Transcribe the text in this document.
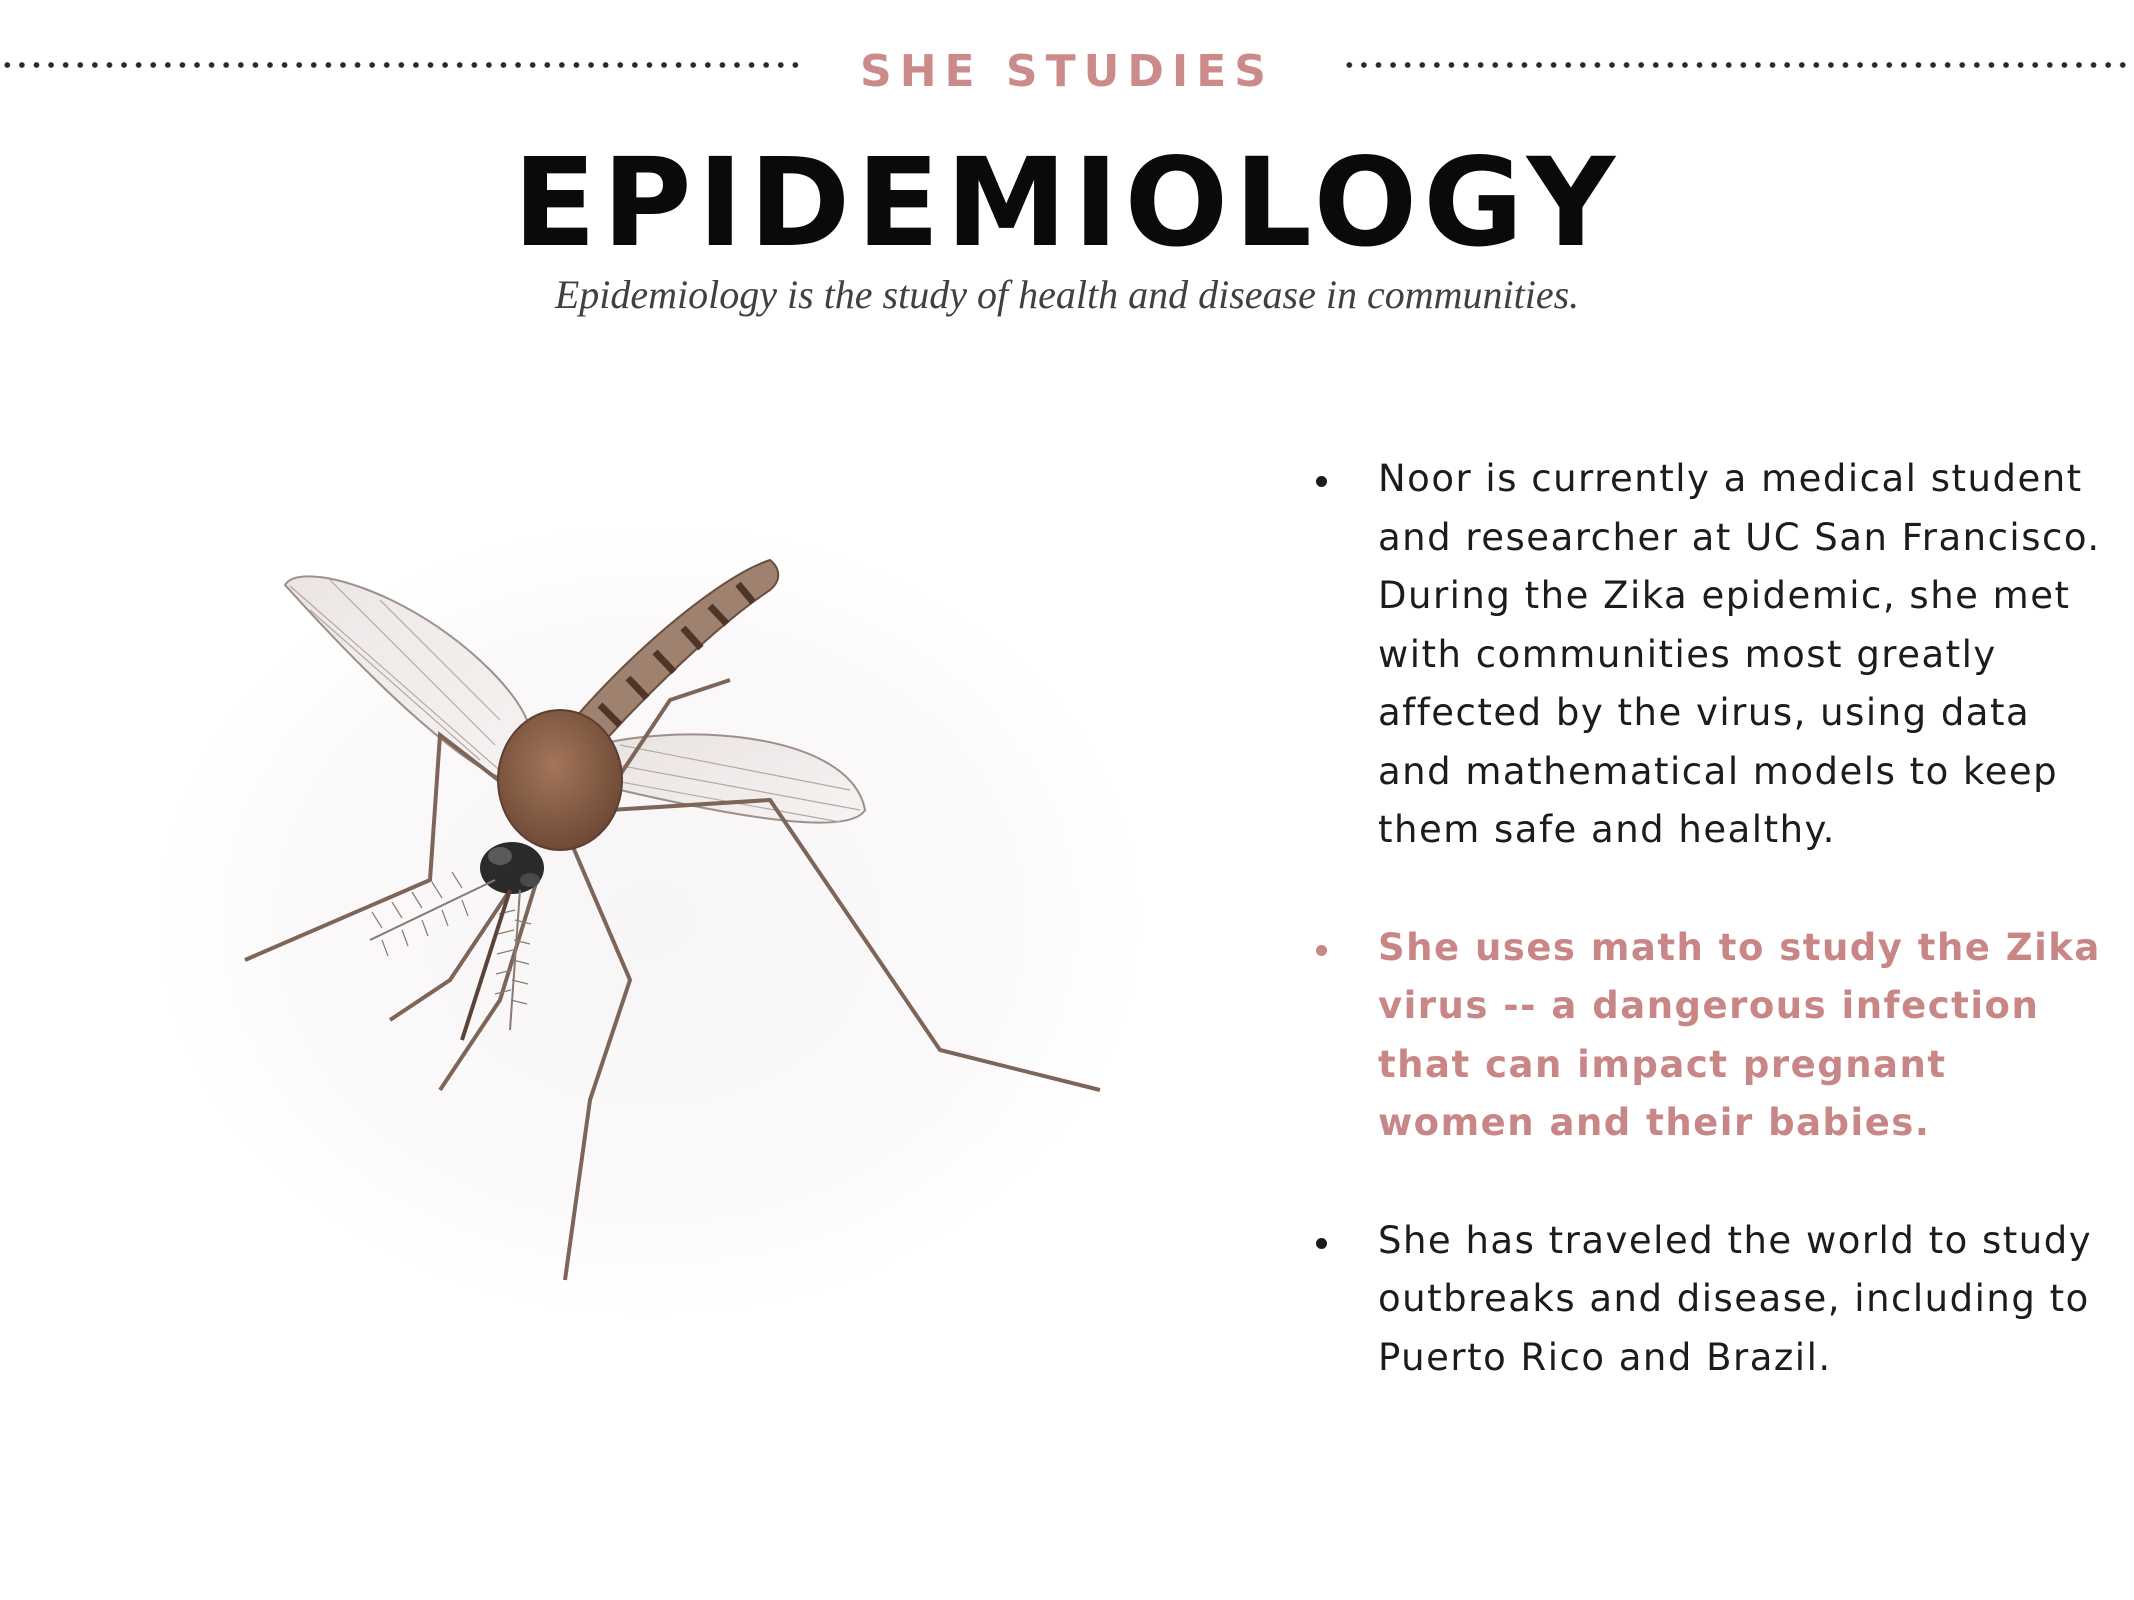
SHE STUDIES
EPIDEMIOLOGY
Epidemiology is the study of health and disease in communities.
Noor is currently a medical student and researcher at UC San Francisco. During the Zika epidemic, she met with communities most greatly affected by the virus, using data and mathematical models to keep them safe and healthy.
She uses math to study the Zika virus -- a dangerous infection that can impact pregnant women and their babies.
She has traveled the world to study outbreaks and disease, including to Puerto Rico and Brazil.
